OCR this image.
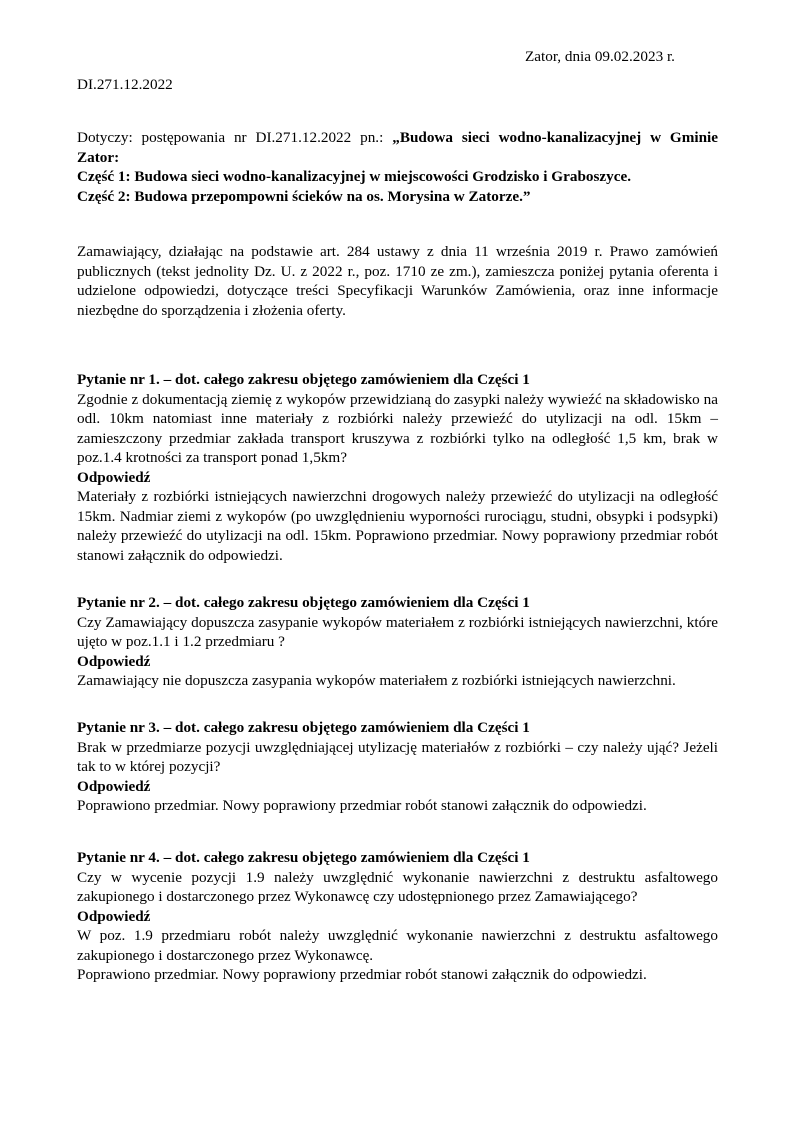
Zator, dnia 09.02.2023 r.
DI.271.12.2022

Dotyczy: postępowania nr DI.271.12.2022 pn.: „Budowa sieci wodno-kanalizacyjnej w Gminie Zator:

Część 1: Budowa sieci wodno-kanalizacyjnej w miejscowości Grodzisko i Graboszyce.

Część 2: Budowa przepompowni ścieków na os. Morysina w Zatorze.”

Zamawiający, działając na podstawie art. 284 ustawy z dnia 11 września 2019 r. Prawo zamówień publicznych (tekst jednolity Dz. U. z 2022 r., poz. 1710 ze zm.), zamieszcza poniżej pytania oferenta i udzielone odpowiedzi, dotyczące treści Specyfikacji Warunków Zamówienia, oraz inne informacje niezbędne do sporządzenia i złożenia oferty.

Pytanie nr 1. – dot. całego zakresu objętego zamówieniem dla Części 1

Zgodnie z dokumentacją ziemię z wykopów przewidzianą do zasypki należy wywieźć na składowisko na odl. 10km natomiast inne materiały z rozbiórki należy przewieźć do utylizacji na odl. 15km – zamieszczony przedmiar zakłada transport kruszywa z rozbiórki tylko na odległość 1,5 km, brak w poz.1.4 krotności za transport ponad 1,5km?

Odpowiedź

Materiały z rozbiórki istniejących nawierzchni drogowych należy przewieźć do utylizacji na odległość 15km. Nadmiar ziemi z wykopów (po uwzględnieniu wyporności rurociągu, studni, obsypki i podsypki) należy przewieźć do utylizacji na odl. 15km. Poprawiono przedmiar. Nowy poprawiony przedmiar robót stanowi załącznik do odpowiedzi.

Pytanie nr 2. – dot. całego zakresu objętego zamówieniem dla Części 1

Czy Zamawiający dopuszcza zasypanie wykopów materiałem z rozbiórki istniejących nawierzchni, które ujęto w poz.1.1 i 1.2 przedmiaru ?

Odpowiedź

Zamawiający nie dopuszcza zasypania wykopów materiałem z rozbiórki istniejących nawierzchni.

Pytanie nr 3. – dot. całego zakresu objętego zamówieniem dla Części 1

Brak w przedmiarze pozycji uwzględniającej utylizację materiałów z rozbiórki – czy należy ująć? Jeżeli tak to w której pozycji?

Odpowiedź

Poprawiono przedmiar. Nowy poprawiony przedmiar robót stanowi załącznik do odpowiedzi.

Pytanie nr 4. – dot. całego zakresu objętego zamówieniem dla Części 1

Czy w wycenie pozycji 1.9 należy uwzględnić wykonanie nawierzchni z destruktu asfaltowego zakupionego i dostarczonego przez Wykonawcę czy udostępnionego przez Zamawiającego?

Odpowiedź

W poz. 1.9 przedmiaru robót należy uwzględnić wykonanie nawierzchni z destruktu asfaltowego zakupionego i dostarczonego przez Wykonawcę.

Poprawiono przedmiar. Nowy poprawiony przedmiar robót stanowi załącznik do odpowiedzi.
